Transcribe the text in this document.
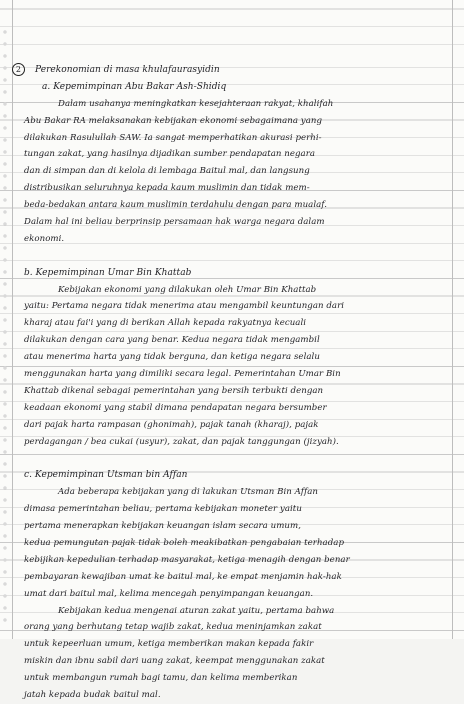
2 Perekonomian di masa khulafaurasyidin
a. Kepemimpinan Abu Bakar Ash-Shidiq
Dalam usahanya meningkatkan kesejahteraan rakyat, khalifah
Abu Bakar RA melaksanakan kebijakan ekonomi sebagaimana yang
dilakukan Rasulullah SAW. Ia sangat memperhatikan akurasi perhi-
tungan zakat, yang hasilnya dijadikan sumber pendapatan negara
dan di simpan dan di kelola di lembaga Baitul mal, dan langsung
distribusikan seluruhnya kepada kaum muslimin dan tidak mem-
beda-bedakan antara kaum muslimin terdahulu dengan para mualaf.
Dalam hal ini beliau berprinsip persamaan hak warga negara dalam
ekonomi.
b. Kepemimpinan Umar Bin Khattab
Kebijakan ekonomi yang dilakukan oleh Umar Bin Khattab
yaitu: Pertama negara tidak menerima atau mengambil keuntungan dari
kharaj atau fai'i yang di berikan Allah kepada rakyatnya kecuali
dilakukan dengan cara yang benar. Kedua negara tidak mengambil
atau menerima harta yang tidak berguna, dan ketiga negara selalu
menggunakan harta yang dimiliki secara legal. Pemerintahan Umar Bin
Khattab dikenal sebagai pemerintahan yang bersih terbukti dengan
keadaan ekonomi yang stabil dimana pendapatan negara bersumber
dari pajak harta rampasan (ghonimah), pajak tanah (kharaj), pajak
perdagangan / bea cukai (usyur), zakat, dan pajak tanggungan (jizyah).
c. Kepemimpinan Utsman bin Affan
Ada beberapa kebijakan yang di lakukan Utsman Bin Affan
dimasa pemerintahan beliau, pertama kebijakan moneter yaitu
pertama menerapkan kebijakan keuangan islam secara umum,
kedua pemungutan pajak tidak boleh meakibatkan pengabaian terhadap
kebijikan kepedulian terhadap masyarakat, ketiga menagih dengan benar
pembayaran kewajiban umat ke baitul mal, ke empat menjamin hak-hak
umat dari baitul mal, kelima mencegah penyimpangan keuangan.
Kebijakan kedua mengenai aturan zakat yaitu, pertama bahwa
orang yang berhutang tetap wajib zakat, kedua meninjamkan zakat
untuk kepeerluan umum, ketiga memberikan makan kepada fakir
miskin dan ibnu sabil dari uang zakat, keempat menggunakan zakat
untuk membangun rumah bagi tamu, dan kelima memberikan
jatah kepada budak baitul mal.
